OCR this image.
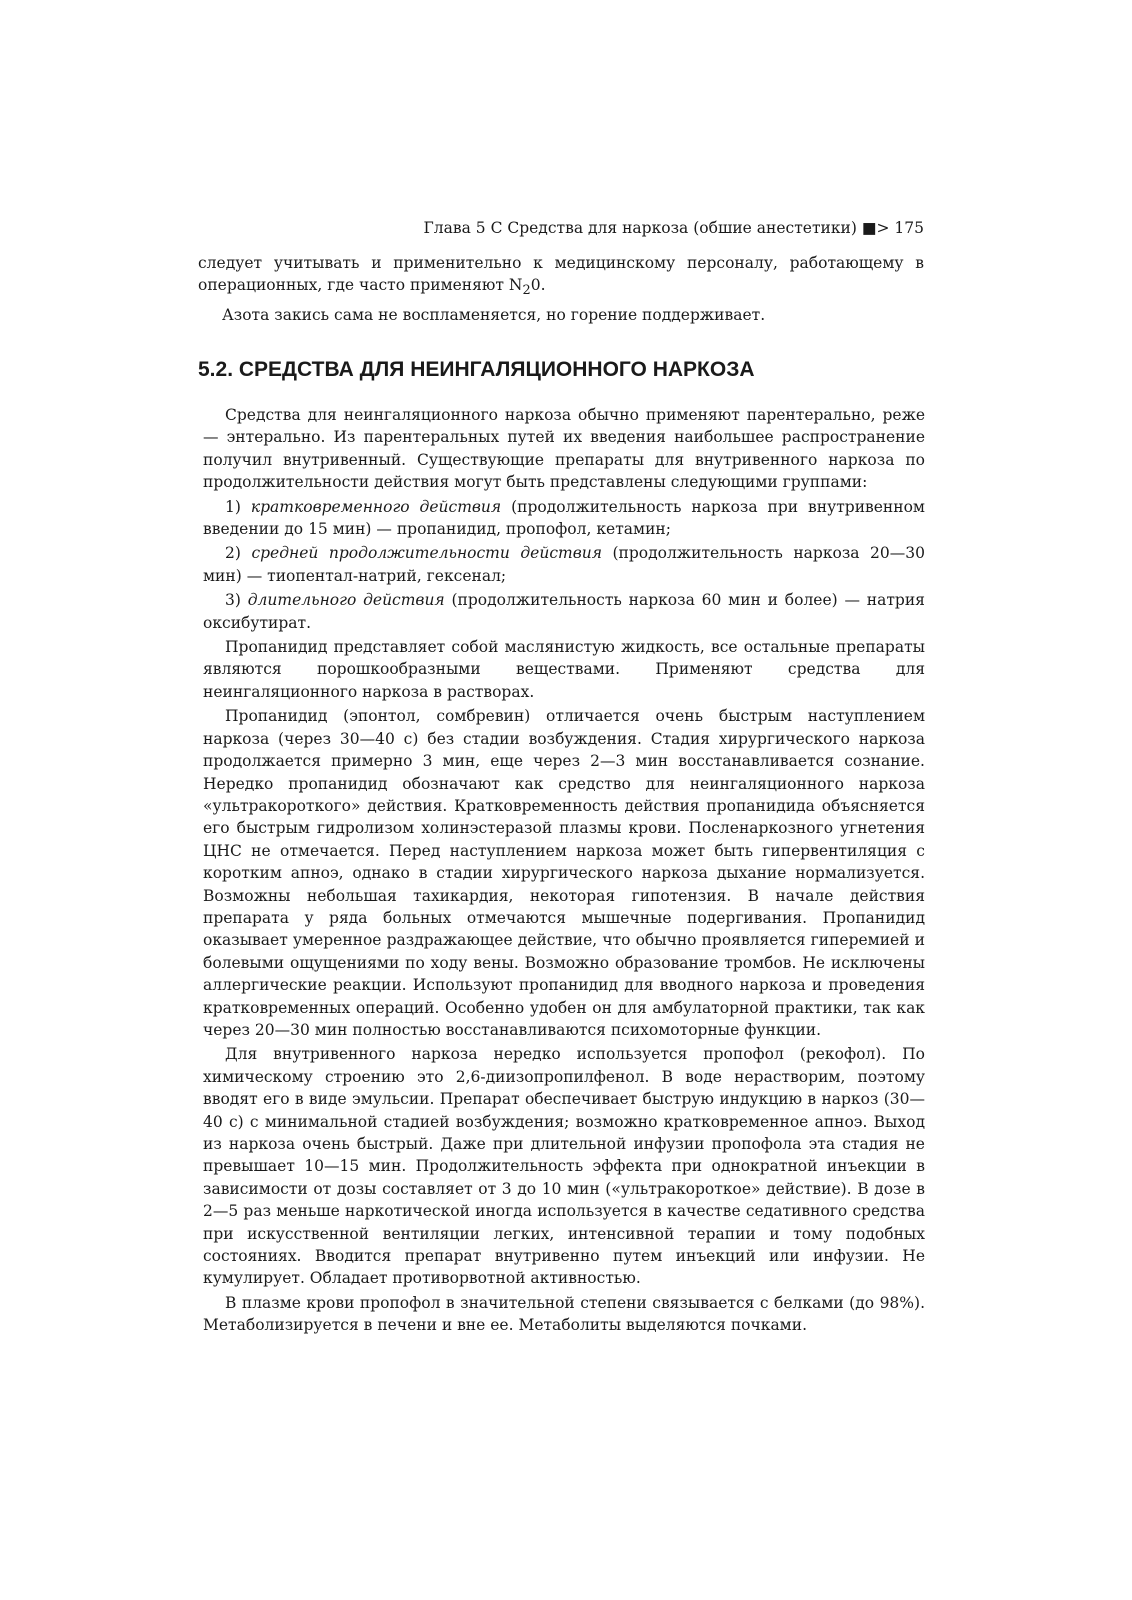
Глава 5 С Средства для наркоза (обшие анестетики) ■> 175

следует учитывать и применительно к медицинскому персоналу, работающему в операционных, где часто применяют $N_20$.

Азота закись сама не воспламеняется, но горение поддерживает.

5.2. СРЕДСТВА ДЛЯ НЕИНГАЛЯЦИОННОГО НАРКОЗА

Средства для неингаляционного наркоза обычно применяют парентерально, реже — энтерально. Из парентеральных путей их введения наибольшее распространение получил внутривенный. Существующие препараты для внутривенного наркоза по продолжительности действия могут быть представлены следующими группами:

1) кратковременного действия (продолжительность наркоза при внутривенном введении до 15 мин) — пропанидид, пропофол, кетамин;

2) средней продолжительности действия (продолжительность наркоза 20—30 мин) — тиопентал-натрий, гексенал;

3) длительного действия (продолжительность наркоза 60 мин и более) — натрия оксибутират.

Пропанидид представляет собой маслянистую жидкость, все остальные препараты являются порошкообразными веществами. Применяют средства для неингаляционного наркоза в растворах.

Пропанидид (эпонтол, сомбревин) отличается очень быстрым наступлением наркоза (через 30—40 с) без стадии возбуждения. Стадия хирургического наркоза продолжается примерно 3 мин, еще через 2—3 мин восстанавливается сознание. Нередко пропанидид обозначают как средство для неингаляционного наркоза «ультракороткого» действия. Кратковременность действия пропанидида объясняется его быстрым гидролизом холинэстеразой плазмы крови. Посленаркозного угнетения ЦНС не отмечается. Перед наступлением наркоза может быть гипервентиляция с коротким апноэ, однако в стадии хирургического наркоза дыхание нормализуется. Возможны небольшая тахикардия, некоторая гипотензия. В начале действия препарата у ряда больных отмечаются мышечные подергивания. Пропанидид оказывает умеренное раздражающее действие, что обычно проявляется гиперемией и болевыми ощущениями по ходу вены. Возможно образование тромбов. Не исключены аллергические реакции. Используют пропанидид для вводного наркоза и проведения кратковременных операций. Особенно удобен он для амбулаторной практики, так как через 20—30 мин полностью восстанавливаются психомоторные функции.

Для внутривенного наркоза нередко используется пропофол (рекофол). По химическому строению это 2,6-диизопропилфенол. В воде нерастворим, поэтому вводят его в виде эмульсии. Препарат обеспечивает быструю индукцию в наркоз (30—40 с) с минимальной стадией возбуждения; возможно кратковременное апноэ. Выход из наркоза очень быстрый. Даже при длительной инфузии пропофола эта стадия не превышает 10—15 мин. Продолжительность эффекта при однократной инъекции в зависимости от дозы составляет от 3 до 10 мин («ультракороткое» действие). В дозе в 2—5 раз меньше наркотической иногда используется в качестве седативного средства при искусственной вентиляции легких, интенсивной терапии и тому подобных состояниях. Вводится препарат внутривенно путем инъекций или инфузии. Не кумулирует. Обладает противорвотной активностью.

В плазме крови пропофол в значительной степени связывается с белками (до 98%). Метаболизируется в печени и вне ее. Метаболиты выделяются почками.
